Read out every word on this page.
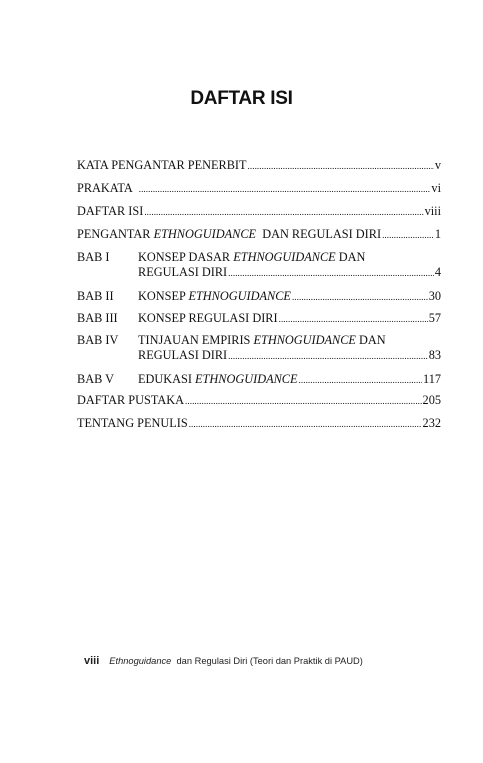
DAFTAR ISI
KATA PENGANTAR PENERBIT .....	v
PRAKATA .....	vi
DAFTAR ISI .....	viii
PENGANTAR ETHNOGUIDANCE  DAN REGULASI DIRI .....	1
BAB I KONSEP DASAR ETHNOGUIDANCE DAN
REGULASI DIRI .....	4
BAB II KONSEP ETHNOGUIDANCE .....	30
BAB III KONSEP REGULASI DIRI .....	57
BAB IV TINJAUAN EMPIRIS ETHNOGUIDANCE DAN
REGULASI DIRI .....	83
BAB V EDUKASI ETHNOGUIDANCE .....	117
DAFTAR PUSTAKA .....	205
TENTANG PENULIS .....	232
viii Ethnoguidance  dan Regulasi Diri (Teori dan Praktik di PAUD)
